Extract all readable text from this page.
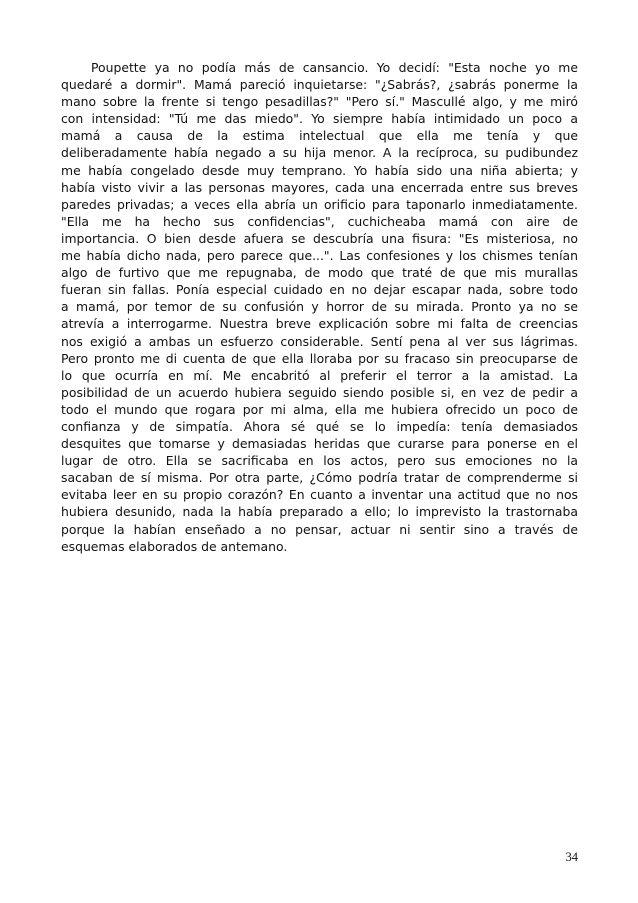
Poupette ya no podía más de cansancio. Yo decidí: "Esta noche yo me
quedaré a dormir". Mamá pareció inquietarse: "¿Sabrás?, ¿sabrás ponerme la
mano sobre la frente si tengo pesadillas?" "Pero sí." Mascullé algo, y me miró
con intensidad: "Tú me das miedo". Yo siempre había intimidado un poco a
mamá a causa de la estima intelectual que ella me tenía y que
deliberadamente había negado a su hija menor. A la recíproca, su pudibundez
me había congelado desde muy temprano. Yo había sido una niña abierta; y
había visto vivir a las personas mayores, cada una encerrada entre sus breves
paredes privadas; a veces ella abría un orificio para taponarlo inmediatamente.
"Ella me ha hecho sus confidencias", cuchicheaba mamá con aire de
importancia. O bien desde afuera se descubría una fisura: "Es misteriosa, no
me había dicho nada, pero parece que...". Las confesiones y los chismes tenían
algo de furtivo que me repugnaba, de modo que traté de que mis murallas
fueran sin fallas. Ponía especial cuidado en no dejar escapar nada, sobre todo
a mamá, por temor de su confusión y horror de su mirada. Pronto ya no se
atrevía a interrogarme. Nuestra breve explicación sobre mi falta de creencias
nos exigió a ambas un esfuerzo considerable. Sentí pena al ver sus lágrimas.
Pero pronto me di cuenta de que ella lloraba por su fracaso sin preocuparse de
lo que ocurría en mí. Me encabritó al preferir el terror a la amistad. La
posibilidad de un acuerdo hubiera seguido siendo posible si, en vez de pedir a
todo el mundo que rogara por mi alma, ella me hubiera ofrecido un poco de
confianza y de simpatía. Ahora sé qué se lo impedía: tenía demasiados
desquites que tomarse y demasiadas heridas que curarse para ponerse en el
lugar de otro. Ella se sacrificaba en los actos, pero sus emociones no la
sacaban de sí misma. Por otra parte, ¿Cómo podría tratar de comprenderme si
evitaba leer en su propio corazón? En cuanto a inventar una actitud que no nos
hubiera desunido, nada la había preparado a ello; lo imprevisto la trastornaba
porque la habían enseñado a no pensar, actuar ni sentir sino a través de
esquemas elaborados de antemano.
34
